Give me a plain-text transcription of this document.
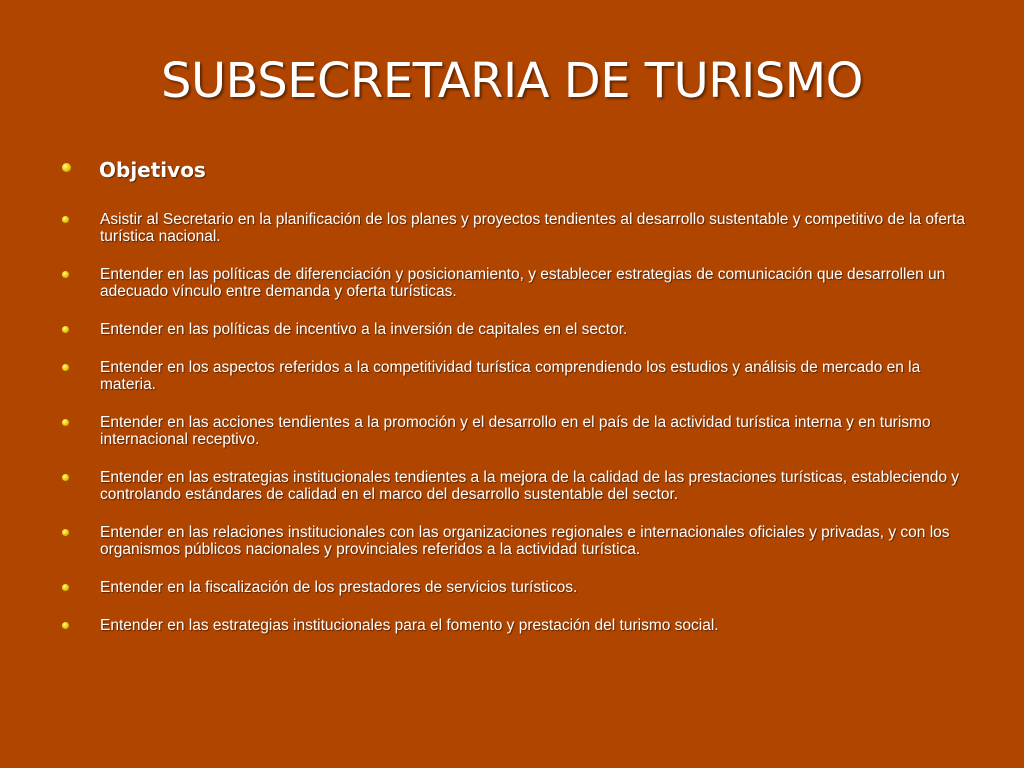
SUBSECRETARIA DE TURISMO
Objetivos
Asistir al Secretario en la planificación de los planes y proyectos tendientes al desarrollo sustentable y competitivo de la oferta turística nacional.
Entender en las políticas de diferenciación y posicionamiento, y establecer estrategias de comunicación que desarrollen un adecuado vínculo entre demanda y oferta turísticas.
Entender en las políticas de incentivo a la inversión de capitales en el sector.
Entender en los aspectos referidos a la competitividad turística comprendiendo los estudios y análisis de mercado en la materia.
Entender en las acciones tendientes a la promoción y el desarrollo en el país de la actividad turística interna y en turismo internacional receptivo.
Entender en las estrategias institucionales tendientes a la mejora de la calidad de las prestaciones turísticas, estableciendo y controlando estándares de calidad en el marco del desarrollo sustentable del sector.
Entender en las relaciones institucionales con las organizaciones regionales e internacionales oficiales y privadas, y con los organismos públicos nacionales y provinciales referidos a la actividad turística.
Entender en la fiscalización de los prestadores de servicios turísticos.
Entender en las estrategias institucionales para el fomento y prestación del turismo social.
